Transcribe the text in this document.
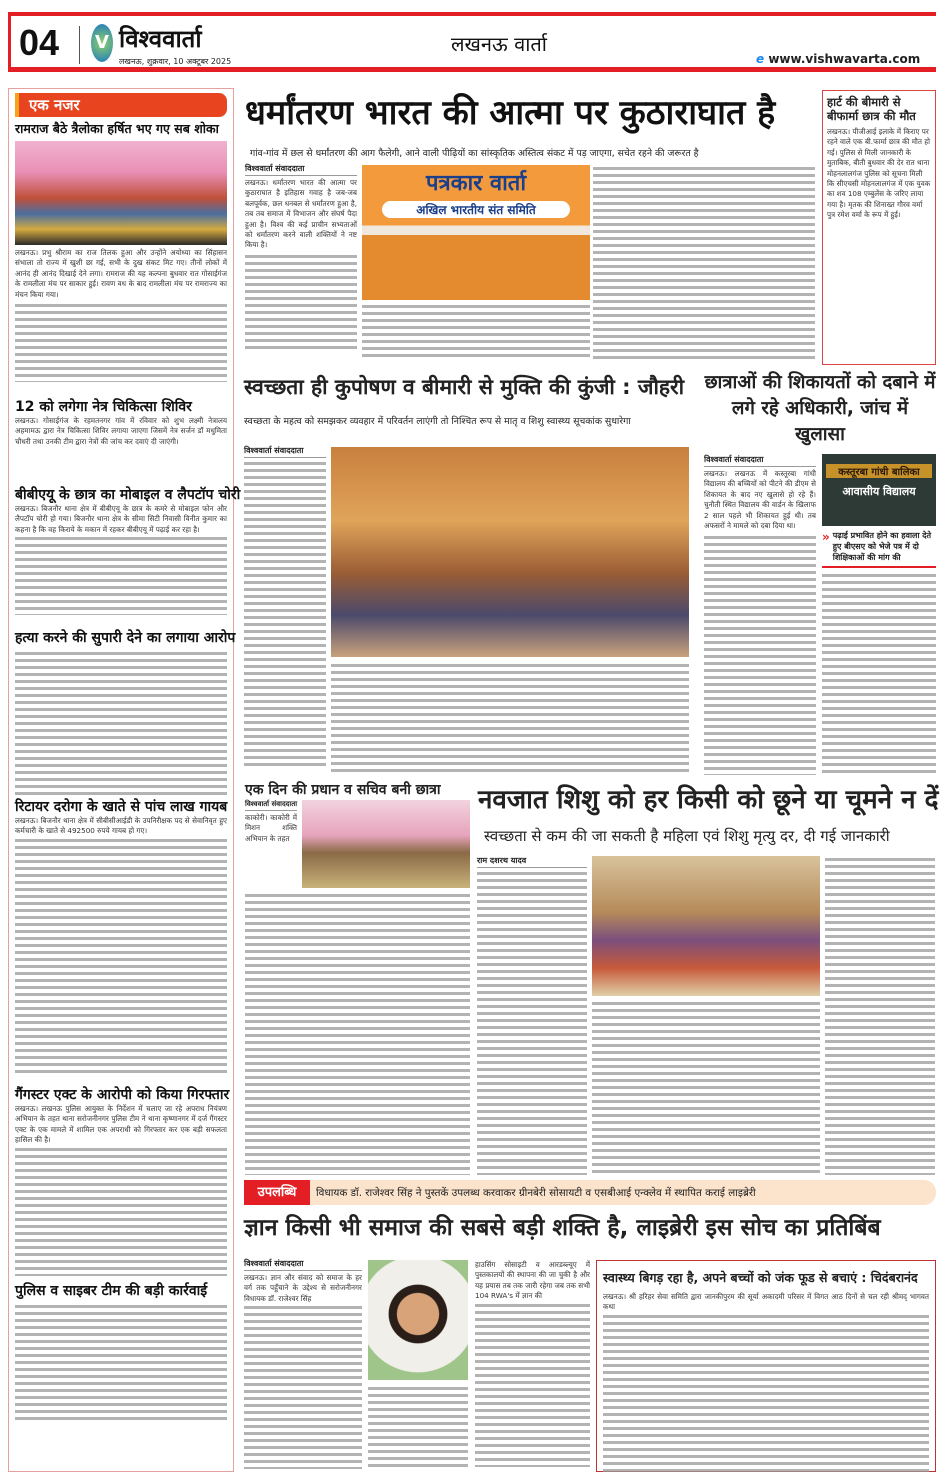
04 V विश्ववार्ता
लखनऊ, शुक्रवार, 10 अक्टूबर 2025
लखनऊ वार्ता
e www.vishwavarta.com
एक नजर
रामराज बैठे त्रैलोका हर्षित भए गए सब शोका
लखनऊ। प्रभु श्रीराम का राज तिलक हुआ और उन्होंने अयोध्या का सिंहासन संभाला तो राज्य में खुशी छा गई, सभी के दुख संकट मिट गए। तीनों लोकों में आनंद ही आनंद दिखाई देने लगा। रामराज की यह कल्पना बुधवार रात गोसाईगंज के रामलीला मंच पर साकार हुई। रावण वध के बाद रामलीला मंच पर रामराज्य का मंचन किया गया।
12 को लगेगा नेत्र चिकित्सा शिविर
लखनऊ। गोसाईगंज के रहमतनगर गांव में रविवार को शुभ लक्ष्मी नेत्रालय अहमामऊ द्वारा नेत्र चिकित्सा शिविर लगाया जाएगा जिसमें नेत्र सर्जन डॉ मधुमिता चौधरी तथा उनकी टीम द्वारा नेत्रों की जांच कर दवाएं दी जाएंगी।
बीबीएयू के छात्र का मोबाइल व लैपटॉप चोरी
लखनऊ। बिजनौर थाना क्षेत्र में बीबीएयू के छात्र के कमरे से मोबाइल फोन और लैपटॉप चोरी हो गया। बिजनौर थाना क्षेत्र के सीमा सिटी निवासी विनीत कुमार का कहना है कि वह किराये के मकान में रहकर बीबीएयू में पढ़ाई कर रहा है।
हत्या करने की सुपारी देने का लगाया आरोप
रिटायर दरोगा के खाते से पांच लाख गायब
लखनऊ। बिजनौर थाना क्षेत्र में सीबीसीआईडी के उपनिरीक्षक पद से सेवानिवृत हुए कर्मचारी के खाते से 492500 रुपये गायब हो गए।
गैंगस्टर एक्ट के आरोपी को किया गिरफ्तार
लखनऊ। लखनऊ पुलिस आयुक्त के निर्देशन में चलाए जा रहे अपराध नियंत्रण अभियान के तहत थाना सरोजनीनगर पुलिस टीम ने थाना कृष्णानगर में दर्ज गैंगस्टर एक्ट के एक मामले में शामिल एक अपराधी को गिरफ्तार कर एक बड़ी सफलता हासिल की है।
पुलिस व साइबर टीम की बड़ी कार्रवाई
धर्मांतरण भारत की आत्मा पर कुठाराघात है
गांव-गांव में छल से धर्मांतरण की आग फैलेगी, आने वाली पीढ़ियों का सांस्कृतिक अस्तित्व संकट में पड़ जाएगा, सचेत रहने की जरूरत है
विश्ववार्ता संवाददाता
लखनऊ। धर्मांतरण भारत की आत्मा पर कुठाराघात है इतिहास गवाह है जब-जब बलपूर्वक, छल धनबल से धर्मांतरण हुआ है, तब तब समाज में विभाजन और संघर्ष पैदा हुआ है। विश्व की कई प्राचीन सभ्यताओं को धर्मांतरण करने वाली शक्तियों ने नष्ट किया है।
पत्रकार वार्ता
अखिल भारतीय संत समिति
हार्ट की बीमारी से बीफार्मा छात्र की मौत
लखनऊ। पीजीआई इलाके में किराए पर रहने वाले एक बी.फार्मा छात्र की मौत हो गई। पुलिस से मिली जानकारी के मुताबिक, बीती बुधवार की देर रात थाना मोहनलालगंज पुलिस को सूचना मिली कि सीएचसी मोहनलालगंज में एक युवक का शव 108 एम्बुलेंस के जरिए लाया गया है। मृतक की शिनाख्त गौरव वर्मा पुत्र रमेश वर्मा के रूप में हुई।
स्वच्छता ही कुपोषण व बीमारी से मुक्ति की कुंजी : जौहरी
स्वच्छता के महत्व को समझकर व्यवहार में परिवर्तन लाएंगी तो निश्चित रूप से मातृ व शिशु स्वास्थ्य सूचकांक सुधारेगा
विश्ववार्ता संवाददाता
छात्राओं की शिकायतों को दबाने में लगे रहे अधिकारी, जांच में खुलासा
विश्ववार्ता संवाददाता
लखनऊ। लखनऊ में कस्तूरबा गांधी विद्यालय की बच्चियों को पीटने की डीएम से शिकायत के बाद नए खुलासे हो रहे हैं। चुनौती स्थित विद्यालय की वार्डन के खिलाफ 2 साल पहले भी शिकायत हुई थी। तब अफसरों ने मामले को दबा दिया था।
कस्तूरबा गांधी बालिका
आवासीय विद्यालय
» पढ़ाई प्रभावित होने का हवाला देते हुए बीएसए को भेजे पत्र में दो शिक्षिकाओं की मांग की
एक दिन की प्रधान व सचिव बनी छात्रा
विश्ववार्ता संवाददाता
काकोरी। काकोरी में मिशन शक्ति अभियान के तहत
नवजात शिशु को हर किसी को छूने या चूमने न दें
स्वच्छता से कम की जा सकती है महिला एवं शिशु मृत्यु दर, दी गई जानकारी
राम दशरथ यादव
उपलब्धि	विधायक डॉ. राजेश्वर सिंह ने पुस्तकें उपलब्ध करवाकर ग्रीनबेरी सोसायटी व एसबीआई एन्क्लेव में स्थापित कराई लाइब्रेरी
ज्ञान किसी भी समाज की सबसे बड़ी शक्ति है, लाइब्रेरी इस सोच का प्रतिबिंब
विश्ववार्ता संवाददाता
लखनऊ। ज्ञान और संवाद को समाज के हर वर्ग तक पहुँचाने के उद्देश्य से सरोजनीनगर विधायक डॉ. राजेश्वर सिंह
हाउसिंग सोसाइटी व आरडब्ल्यूए में पुस्तकालयों की स्थापना की जा चुकी है और यह प्रयास तब तक जारी रहेगा जब तक सभी 104 RWA's में ज्ञान की
स्वास्थ्य बिगड़ रहा है, अपने बच्चों को जंक फूड से बचाएं : चिदंबरानंद
लखनऊ। श्री हरिहर सेवा समिति द्वारा जानकीपुरम की सूर्या अकादमी परिसर में विगत आठ दिनों से चल रही श्रीमद् भागवत कथा
